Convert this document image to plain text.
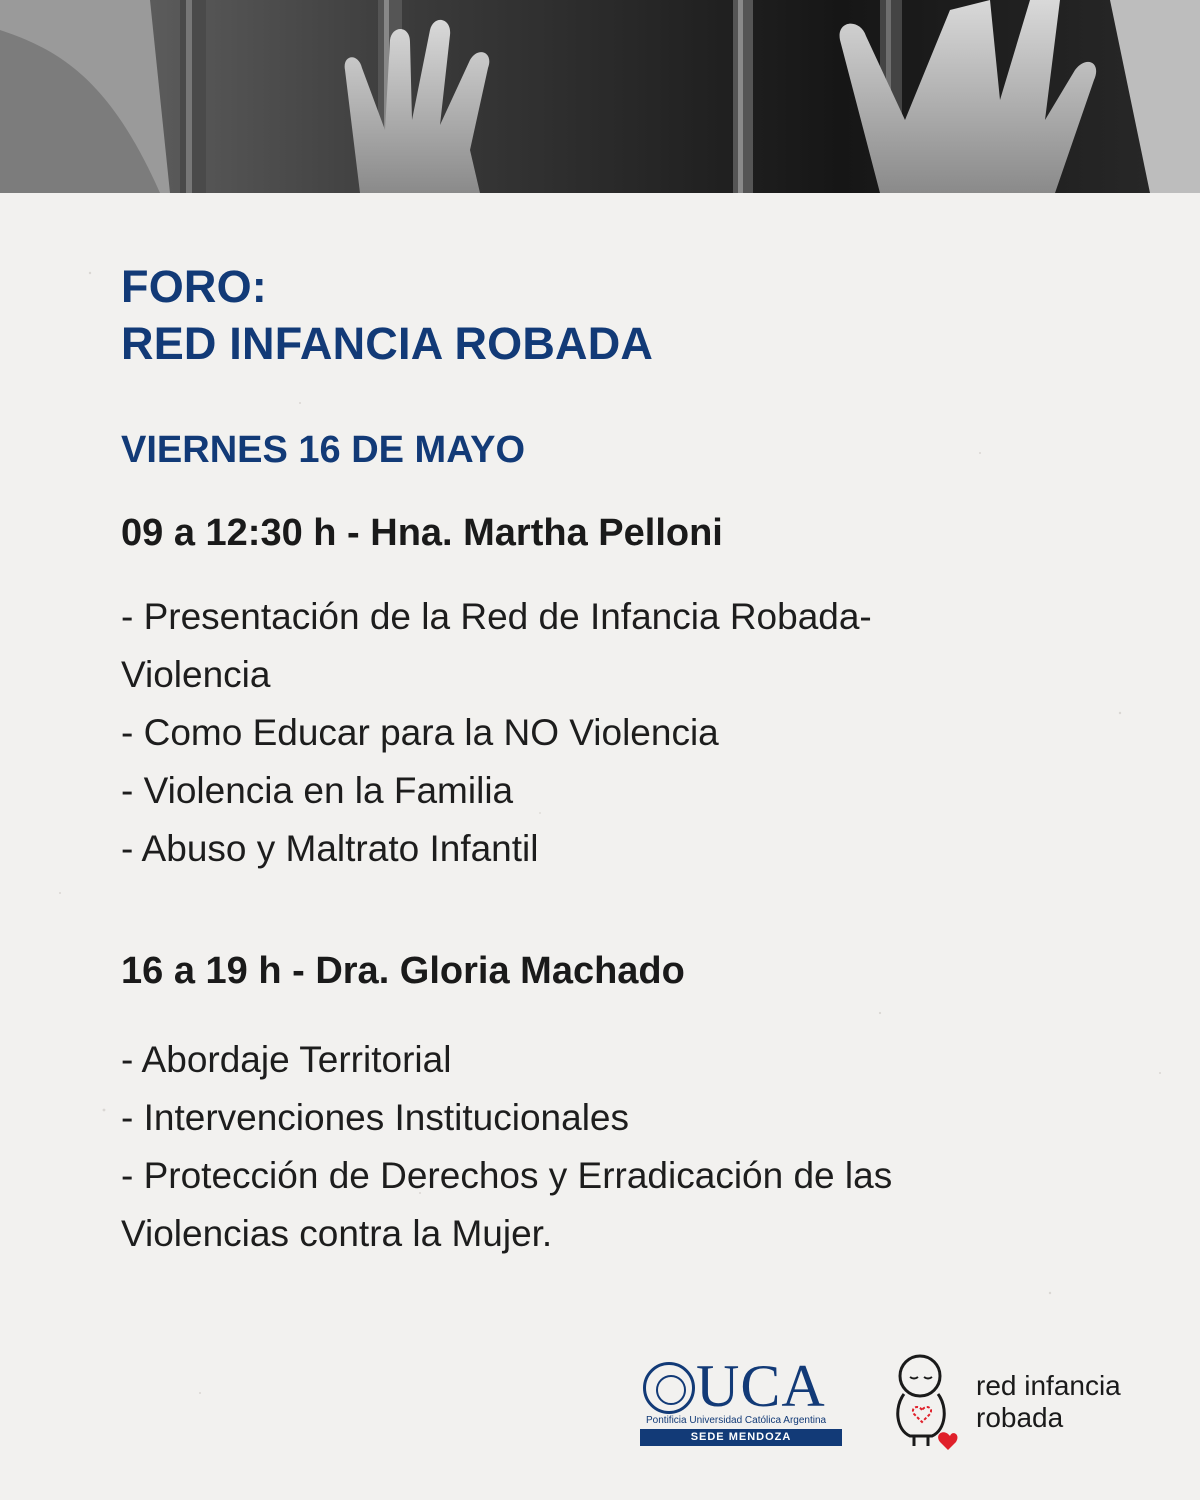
FORO:
RED INFANCIA ROBADA
VIERNES 16 DE MAYO
09 a 12:30 h - Hna. Martha Pelloni
- Presentación de la Red de Infancia Robada-
Violencia
- Como Educar para la NO Violencia
- Violencia en la Familia
- Abuso y Maltrato Infantil
16 a 19 h - Dra. Gloria Machado
- Abordaje Territorial
- Intervenciones Institucionales
- Protección de Derechos y Erradicación de las
Violencias contra la Mujer.
UCA
Pontificia Universidad Católica Argentina
SEDE MENDOZA
red infancia
robada
